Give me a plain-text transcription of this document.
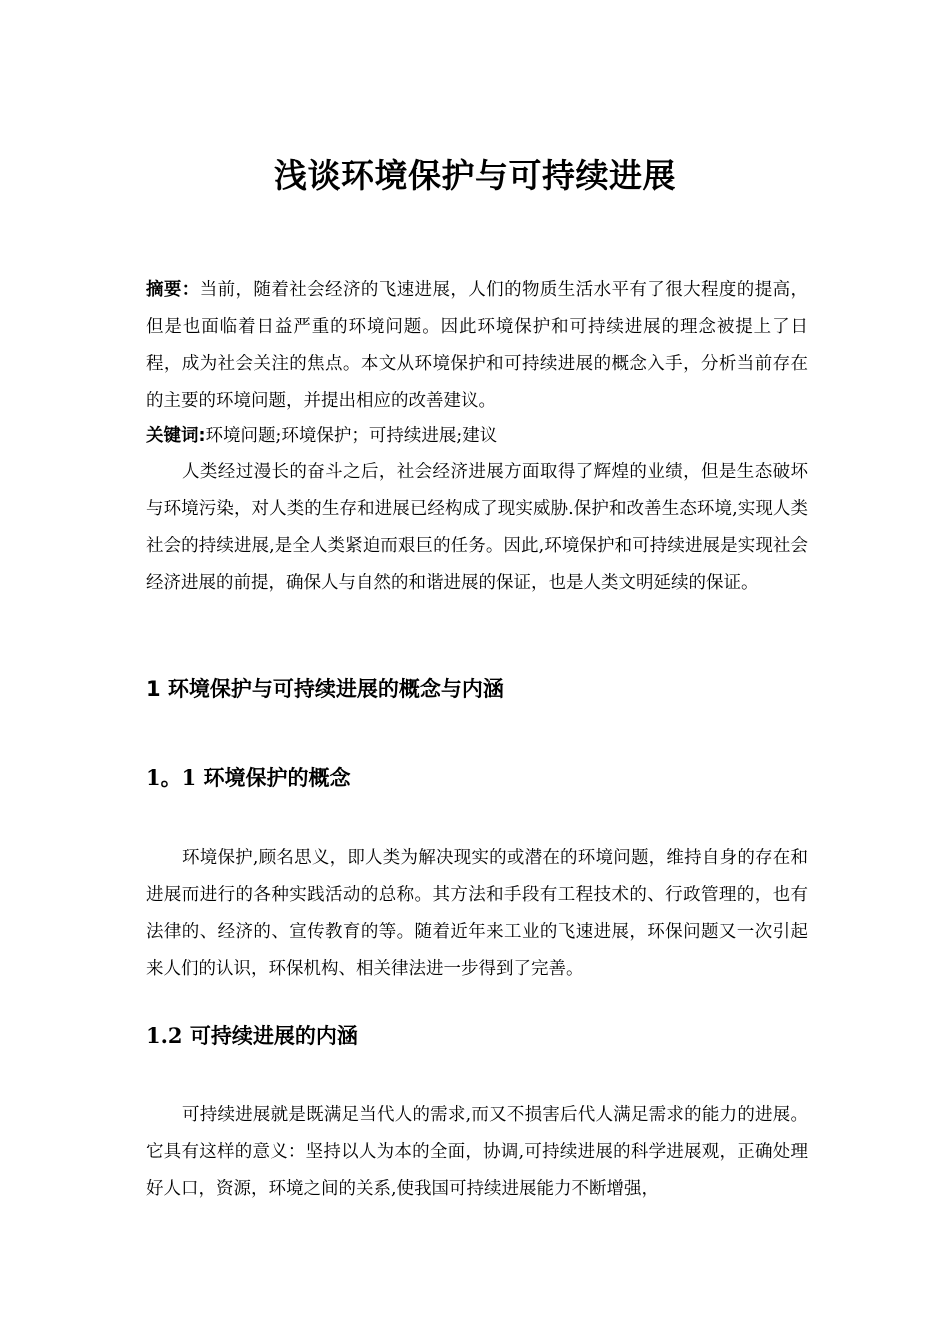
浅谈环境保护与可持续进展
摘要：当前，随着社会经济的飞速进展，人们的物质生活水平有了很大程度的提高，但是也面临着日益严重的环境问题。因此环境保护和可持续进展的理念被提上了日程，成为社会关注的焦点。本文从环境保护和可持续进展的概念入手，分析当前存在的主要的环境问题，并提出相应的改善建议。
关键词:环境问题;环境保护；可持续进展;建议
人类经过漫长的奋斗之后，社会经济进展方面取得了辉煌的业绩，但是生态破坏与环境污染，对人类的生存和进展已经构成了现实威胁.保护和改善生态环境,实现人类社会的持续进展,是全人类紧迫而艰巨的任务。因此,环境保护和可持续进展是实现社会经济进展的前提，确保人与自然的和谐进展的保证，也是人类文明延续的保证。
1 环境保护与可持续进展的概念与内涵
1。1 环境保护的概念
环境保护,顾名思义，即人类为解决现实的或潜在的环境问题，维持自身的存在和进展而进行的各种实践活动的总称。其方法和手段有工程技术的、行政管理的，也有法律的、经济的、宣传教育的等。随着近年来工业的飞速进展，环保问题又一次引起来人们的认识，环保机构、相关律法进一步得到了完善。
1.2 可持续进展的内涵
可持续进展就是既满足当代人的需求,而又不损害后代人满足需求的能力的进展。它具有这样的意义：坚持以人为本的全面，协调,可持续进展的科学进展观，正确处理好人口，资源，环境之间的关系,使我国可持续进展能力不断增强，
